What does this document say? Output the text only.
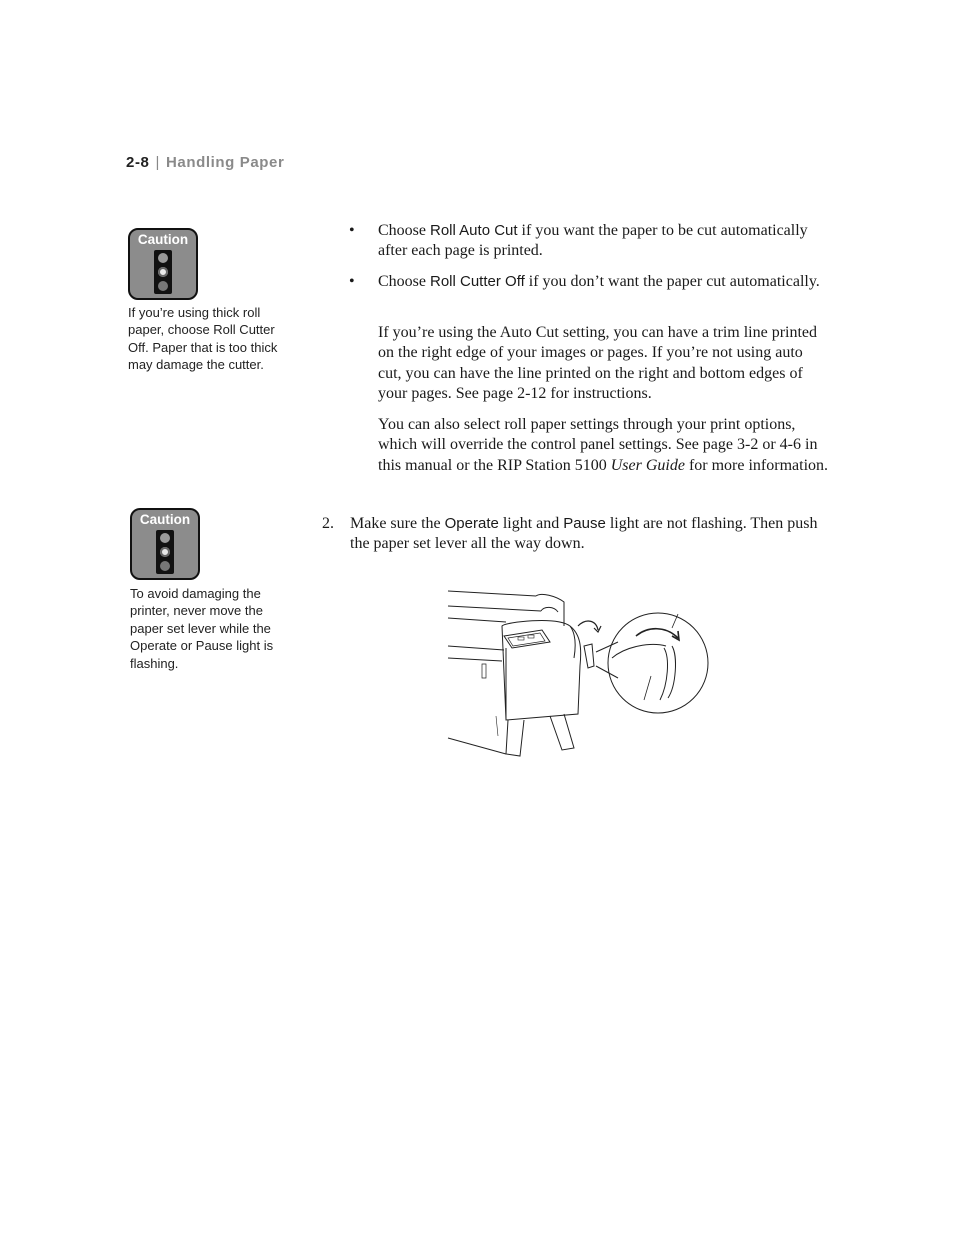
2-8 | Handling Paper
Caution
If you’re using thick roll paper, choose Roll Cutter Off. Paper that is too thick may damage the cutter.
Caution
To avoid damaging the printer, never move the paper set lever while the Operate or Pause light is flashing.
• Choose Roll Auto Cut if you want the paper to be cut automatically after each page is printed.
• Choose Roll Cutter Off if you don’t want the paper cut automatically.
If you’re using the Auto Cut setting, you can have a trim line printed on the right edge of your images or pages. If you’re not using auto cut, you can have the line printed on the right and bottom edges of your pages. See page 2-12 for instructions.
You can also select roll paper settings through your print options, which will override the control panel settings. See page 3-2 or 4-6 in this manual or the RIP Station 5100 User Guide for more information.
2. Make sure the Operate light and Pause light are not flashing. Then push the paper set lever all the way down.
